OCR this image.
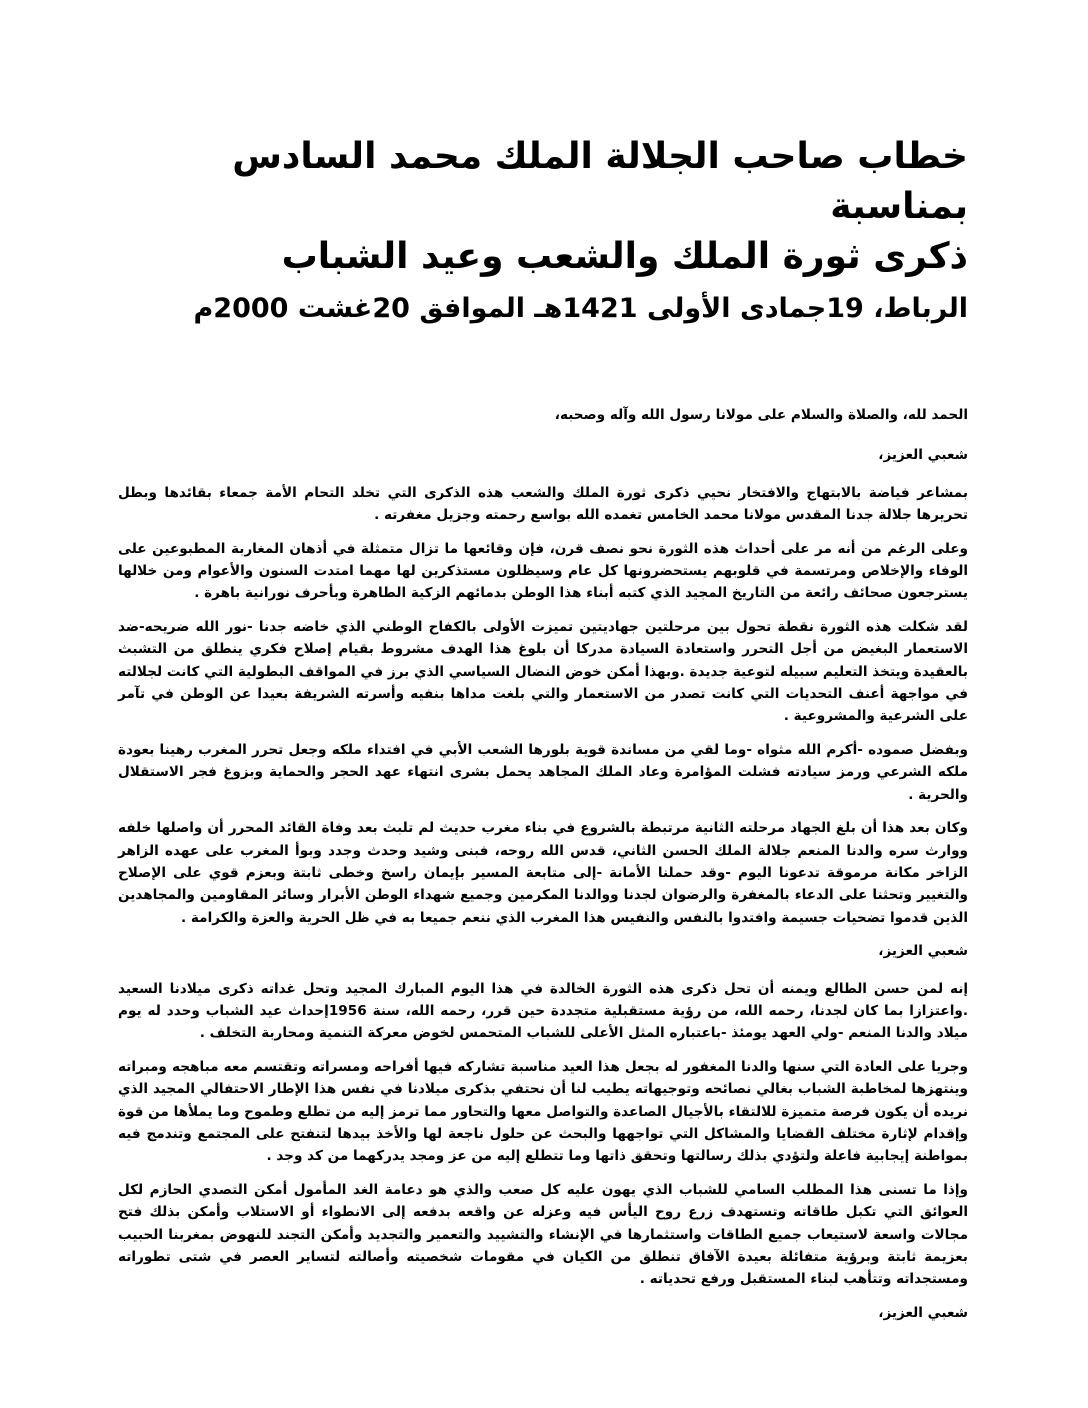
خطاب صاحب الجلالة الملك محمد السادس بمناسبة
ذكرى ثورة الملك والشعب وعيد الشباب
الرباط، 19جمادى الأولى 1421هـ الموافق 20غشت 2000م

الحمد لله، والصلاة والسلام على مولانا رسول الله وآله وصحبه،

شعبي العزيز،

بمشاعر فياضة بالابتهاج والافتخار نحيي ذكرى ثورة الملك والشعب هذه الذكرى التي تخلد التحام الأمة جمعاء بقائدها وبطل تحريرها جلالة جدنا المقدس مولانا محمد الخامس تغمده الله بواسع رحمته وجزيل مغفرته .

وعلى الرغم من أنه مر على أحداث هذه الثورة نحو نصف قرن، فإن وقائعها ما تزال متمثلة في أذهان المغاربة المطبوعين على الوفاء والإخلاص ومرتسمة في قلوبهم يستحضرونها كل عام وسيظلون مستذكرين لها مهما امتدت السنون والأعوام ومن خلالها يسترجعون صحائف رائعة من التاريخ المجيد الذي كتبه أبناء هذا الوطن بدمائهم الزكية الطاهرة وبأحرف نورانية باهرة .

لقد شكلت هذه الثورة نقطة تحول بين مرحلتين جهاديتين تميزت الأولى بالكفاح الوطني الذي خاضه جدنا -نور الله ضريحه-ضد الاستعمار البغيض من أجل التحرر واستعادة السيادة مدركا أن بلوغ هذا الهدف مشروط بقيام إصلاح فكري ينطلق من التشبث بالعقيدة ويتخذ التعليم سبيله لتوعية جديدة .وبهذا أمكن خوض النضال السياسي الذي برز في المواقف البطولية التي كانت لجلالته في مواجهة أعنف التحديات التي كانت تصدر من الاستعمار والتي بلغت مداها بنفيه وأسرته الشريفة بعيدا عن الوطن في تآمر على الشرعية والمشروعية .

وبفضل صموده -أكرم الله مثواه -وما لقي من مساندة قوية بلورها الشعب الأبي في افتداء ملكه وجعل تحرر المغرب رهينا بعودة ملكه الشرعي ورمز سيادته فشلت المؤامرة وعاد الملك المجاهد يحمل بشرى انتهاء عهد الحجر والحماية وبزوغ فجر الاستقلال والحرية .

وكان بعد هذا أن بلغ الجهاد مرحلته الثانية مرتبطة بالشروع في بناء مغرب حديث لم تلبث بعد وفاة القائد المحرر أن واصلها خلفه ووارث سره والدنا المنعم جلالة الملك الحسن الثاني، قدس الله روحه، فبنى وشيد وحدث وجدد وبوأ المغرب على عهده الزاهر الزاخر مكانة مرموقة تدعونا اليوم -وقد حملنا الأمانة -إلى متابعة المسير بإيمان راسخ وخطى ثابتة وبعزم قوي على الإصلاح والتغيير وتحثنا على الدعاء بالمغفرة والرضوان لجدنا ووالدنا المكرمين وجميع شهداء الوطن الأبرار وسائر المقاومين والمجاهدين الذين قدموا تضحيات جسيمة وافتدوا بالنفس والنفيس هذا المغرب الذي ننعم جميعا به في ظل الحرية والعزة والكرامة .

شعبي العزيز،

إنه لمن حسن الطالع ويمنه أن تحل ذكرى هذه الثورة الخالدة في هذا اليوم المبارك المجيد وتحل غداته ذكرى ميلادنا السعيد .واعتزازا بما كان لجدنا، رحمه الله، من رؤية مستقبلية متجددة حين قرر، رحمه الله، سنة 1956إحداث عيد الشباب وحدد له يوم ميلاد والدنا المنعم -ولي العهد يومئذ -باعتباره المثل الأعلى للشباب المتحمس لخوض معركة التنمية ومحاربة التخلف .

وجريا على العادة التي سنها والدنا المغفور له بجعل هذا العيد مناسبة تشاركه فيها أفراحه ومسراته وتقتسم معه مباهجه ومبراته وينتهزها لمخاطبة الشباب بغالي نصائحه وتوجيهاته يطيب لنا أن نحتفي بذكرى ميلادنا في نفس هذا الإطار الاحتفالي المجيد الذي نريده أن يكون فرصة متميزة للالتقاء بالأجيال الصاعدة والتواصل معها والتحاور مما ترمز إليه من تطلع وطموح وما يملأها من قوة وإقدام لإثارة مختلف القضايا والمشاكل التي تواجهها والبحث عن حلول ناجعة لها والأخذ بيدها لتنفتح على المجتمع وتندمج فيه بمواطنة إيجابية فاعلة ولتؤدي بذلك رسالتها وتحقق ذاتها وما تتطلع إليه من عز ومجد يدركهما من كد وجد .

وإذا ما تسنى هذا المطلب السامي للشباب الذي يهون عليه كل صعب والذي هو دعامة الغد المأمول أمكن التصدي الحازم لكل العوائق التي تكبل طاقاته وتستهدف زرع روح اليأس فيه وعزله عن واقعه بدفعه إلى الانطواء أو الاستلاب وأمكن بذلك فتح مجالات واسعة لاستيعاب جميع الطاقات واستثمارها في الإنشاء والتشييد والتعمير والتجديد وأمكن التجند للنهوض بمغربنا الحبيب بعزيمة ثابتة وبرؤية متفائلة بعيدة الآفاق تنطلق من الكيان في مقومات شخصيته وأصالته لتساير العصر في شتى تطوراته ومستجداته وتتأهب لبناء المستقبل ورفع تحدياته .

شعبي العزيز،
